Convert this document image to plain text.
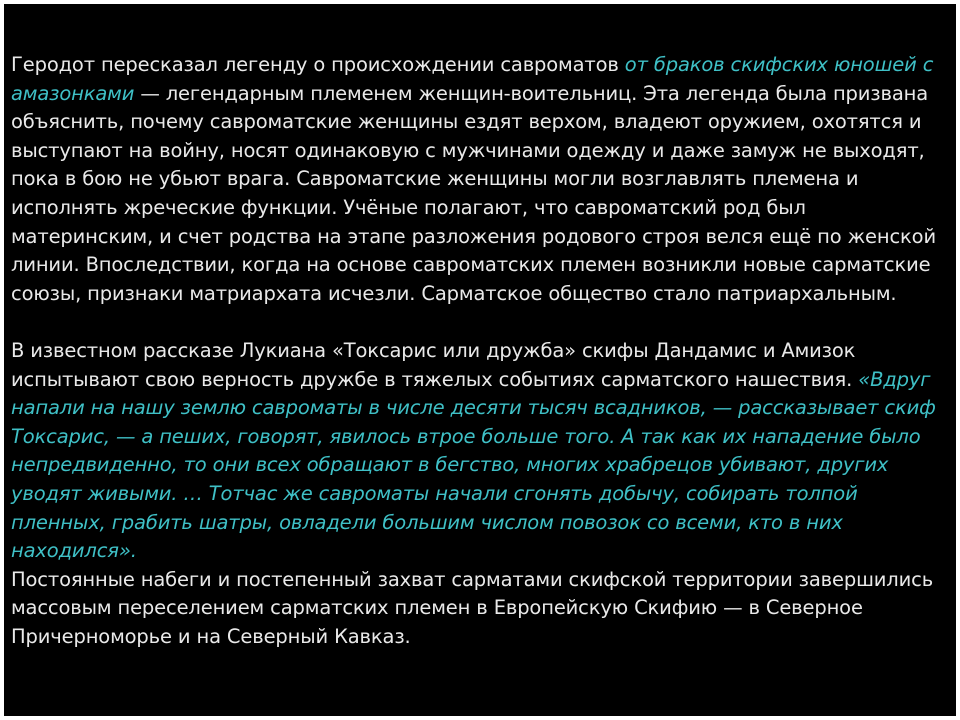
Геродот пересказал легенду о происхождении савроматов от браков скифских юношей с амазонками — легендарным племенем женщин-воительниц. Эта легенда была призвана объяснить, почему савроматские женщины ездят верхом, владеют оружием, охотятся и выступают на войну, носят одинаковую с мужчинами одежду и даже замуж не выходят, пока в бою не убьют врага. Савроматские женщины могли возглавлять племена и исполнять жреческие функции. Учёные полагают, что савроматский род был материнским, и счет родства на этапе разложения родового строя велся ещё по женской линии. Впоследствии, когда на основе савроматских племен возникли новые сарматские союзы, признаки матриархата исчезли. Сарматское общество стало патриархальным.

В известном рассказе Лукиана «Токсарис или дружба» скифы Дандамис и Амизок испытывают свою верность дружбе в тяжелых событиях сарматского нашествия. «Вдруг напали на нашу землю савроматы в числе десяти тысяч всадников, — рассказывает скиф Токсарис, — а пеших, говорят, явилось втрое больше того. А так как их нападение было непредвиденно, то они всех обращают в бегство, многих храбрецов убивают, других уводят живыми. … Тотчас же савроматы начали сгонять добычу, собирать толпой пленных, грабить шатры, овладели большим числом повозок со всеми, кто в них находился».

Постоянные набеги и постепенный захват сарматами скифской территории завершились массовым переселением сарматских племен в Европейскую Скифию — в Северное Причерноморье и на Северный Кавказ.
